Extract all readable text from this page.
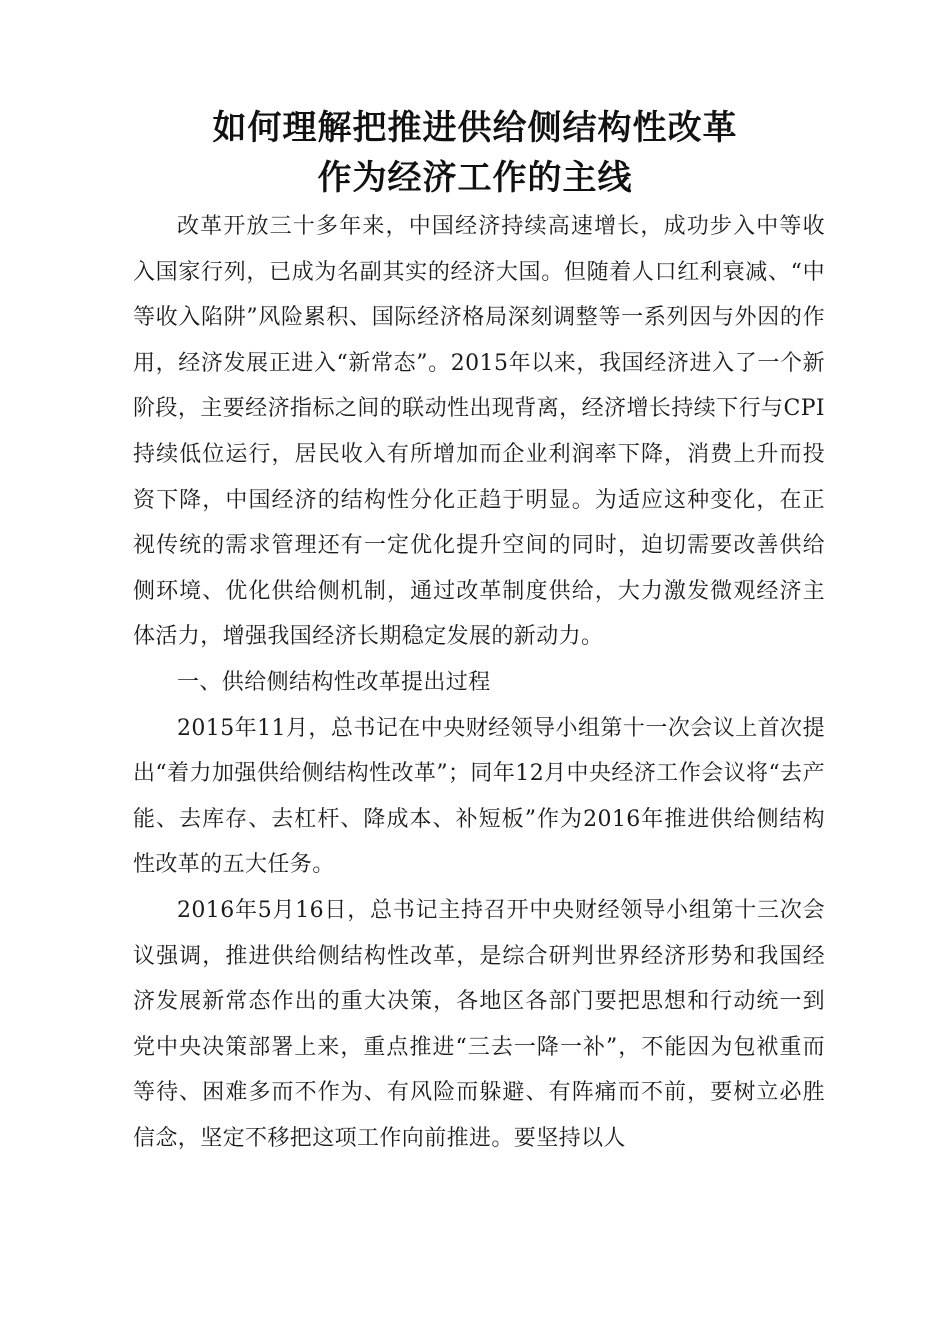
如何理解把推进供给侧结构性改革
作为经济工作的主线

改革开放三十多年来，中国经济持续高速增长，成功步入中等收入国家行列，已成为名副其实的经济大国。但随着人口红利衰减、“中等收入陷阱”风险累积、国际经济格局深刻调整等一系列因与外因的作用，经济发展正进入“新常态”。2015年以来，我国经济进入了一个新阶段，主要经济指标之间的联动性出现背离，经济增长持续下行与CPI持续低位运行，居民收入有所增加而企业利润率下降，消费上升而投资下降，中国经济的结构性分化正趋于明显。为适应这种变化，在正视传统的需求管理还有一定优化提升空间的同时，迫切需要改善供给侧环境、优化供给侧机制，通过改革制度供给，大力激发微观经济主体活力，增强我国经济长期稳定发展的新动力。

一、供给侧结构性改革提出过程

2015年11月，总书记在中央财经领导小组第十一次会议上首次提出“着力加强供给侧结构性改革”；同年12月中央经济工作会议将“去产能、去库存、去杠杆、降成本、补短板”作为2016年推进供给侧结构性改革的五大任务。

2016年5月16日，总书记主持召开中央财经领导小组第十三次会议强调，推进供给侧结构性改革，是综合研判世界经济形势和我国经济发展新常态作出的重大决策，各地区各部门要把思想和行动统一到党中央决策部署上来，重点推进“三去一降一补”，不能因为包袱重而等待、困难多而不作为、有风险而躲避、有阵痛而不前，要树立必胜信念，坚定不移把这项工作向前推进。要坚持以人
